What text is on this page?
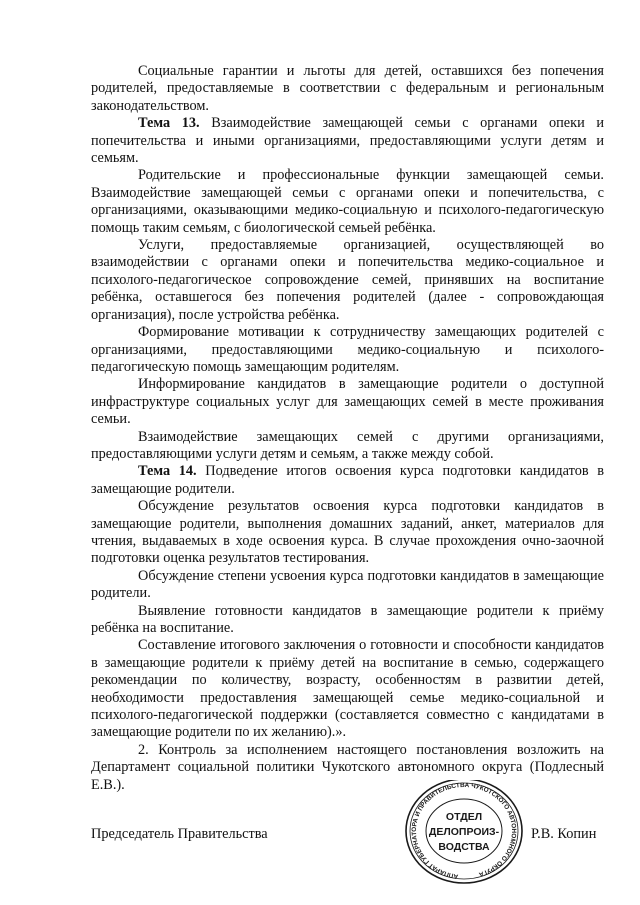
Социальные гарантии и льготы для детей, оставшихся без попечения родителей, предоставляемые в соответствии с федеральным и региональным законодательством.

Тема 13. Взаимодействие замещающей семьи с органами опеки и попечительства и иными организациями, предоставляющими услуги детям и семьям.

Родительские и профессиональные функции замещающей семьи. Взаимодействие замещающей семьи с органами опеки и попечительства, с организациями, оказывающими медико-социальную и психолого-педагогическую помощь таким семьям, с биологической семьей ребёнка.

Услуги, предоставляемые организацией, осуществляющей во взаимодействии с органами опеки и попечительства медико-социальное и психолого-педагогическое сопровождение семей, принявших на воспитание ребёнка, оставшегося без попечения родителей (далее - сопровождающая организация), после устройства ребёнка.

Формирование мотивации к сотрудничеству замещающих родителей с организациями, предоставляющими медико-социальную и психолого-педагогическую помощь замещающим родителям.

Информирование кандидатов в замещающие родители о доступной инфраструктуре социальных услуг для замещающих семей в месте проживания семьи.

Взаимодействие замещающих семей с другими организациями, предоставляющими услуги детям и семьям, а также между собой.

Тема 14. Подведение итогов освоения курса подготовки кандидатов в замещающие родители.

Обсуждение результатов освоения курса подготовки кандидатов в замещающие родители, выполнения домашних заданий, анкет, материалов для чтения, выдаваемых в ходе освоения курса. В случае прохождения очно-заочной подготовки оценка результатов тестирования.

Обсуждение степени усвоения курса подготовки кандидатов в замещающие родители.

Выявление готовности кандидатов в замещающие родители к приёму ребёнка на воспитание.

Составление итогового заключения о готовности и способности кандидатов в замещающие родители к приёму детей на воспитание в семью, содержащего рекомендации по количеству, возрасту, особенностям в развитии детей, необходимости предоставления замещающей семье медико-социальной и психолого-педагогической поддержки (составляется совместно с кандидатами в замещающие родители по их желанию).».

2. Контроль за исполнением настоящего постановления возложить на Департамент социальной политики Чукотского автономного округа (Подлесный Е.В.).

Председатель Правительства
АППАРАТ ГУБЕРНАТОРА И ПРАВИТЕЛЬСТВА ЧУКОТСКОГО АВТОНОМНОГО ОКРУГА
ОТДЕЛ
ДЕЛОПРОИЗ-
ВОДСТВА
Р.В. Копин
